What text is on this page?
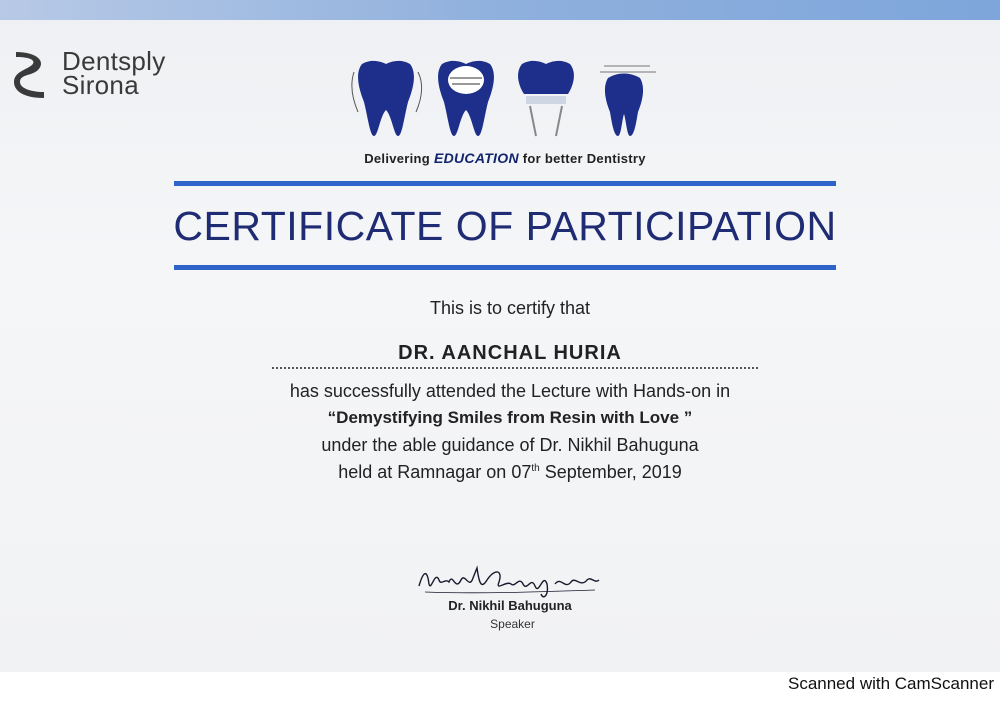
Dentsply
Sirona
Delivering EDUCATION for better Dentistry
CERTIFICATE OF PARTICIPATION
This is to certify that
DR. AANCHAL HURIA
has successfully attended the Lecture with Hands-on in
“Demystifying Smiles from Resin with Love ”
under the able guidance of Dr. Nikhil Bahuguna
held at Ramnagar on 07th September, 2019
Dr. Nikhil Bahuguna
Speaker
Scanned with CamScanner
